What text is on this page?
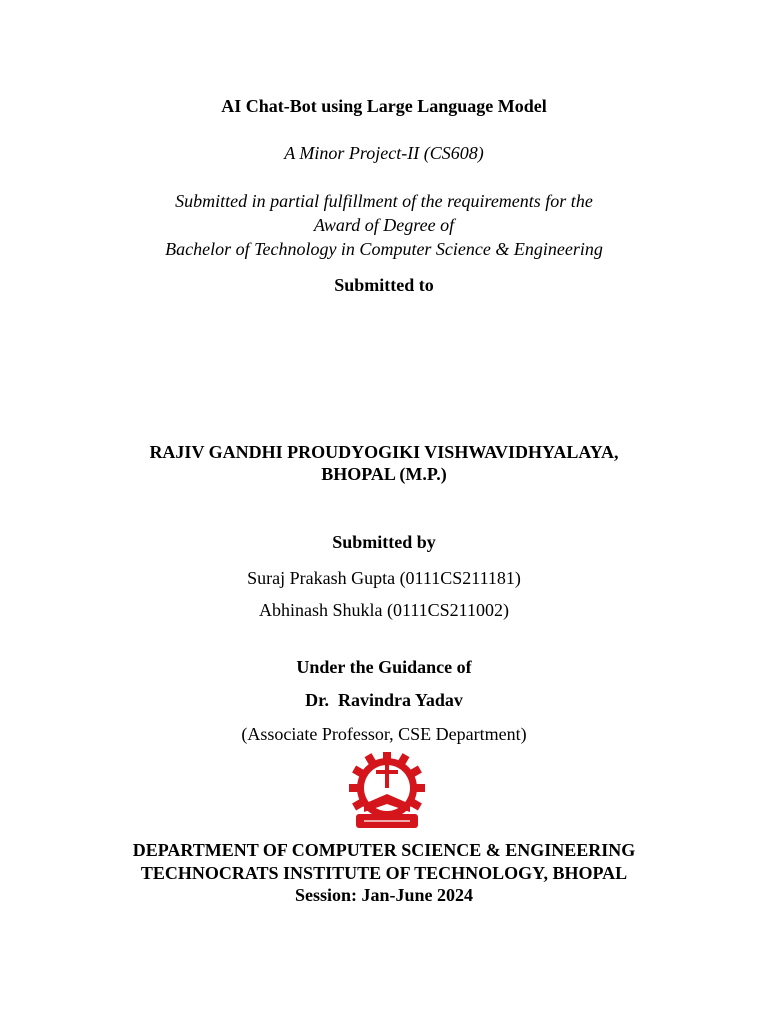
AI Chat-Bot using Large Language Model
A Minor Project-II (CS608)
Submitted in partial fulfillment of the requirements for the
Award of Degree of
Bachelor of Technology in Computer Science & Engineering
Submitted to
RAJIV GANDHI PROUDYOGIKI VISHWAVIDHYALAYA,
BHOPAL (M.P.)
Submitted by
Suraj Prakash Gupta (0111CS211181)
Abhinash Shukla (0111CS211002)
Under the Guidance of
Dr.  Ravindra Yadav
(Associate Professor, CSE Department)
DEPARTMENT OF COMPUTER SCIENCE & ENGINEERING
TECHNOCRATS INSTITUTE OF TECHNOLOGY, BHOPAL
Session: Jan-June 2024
